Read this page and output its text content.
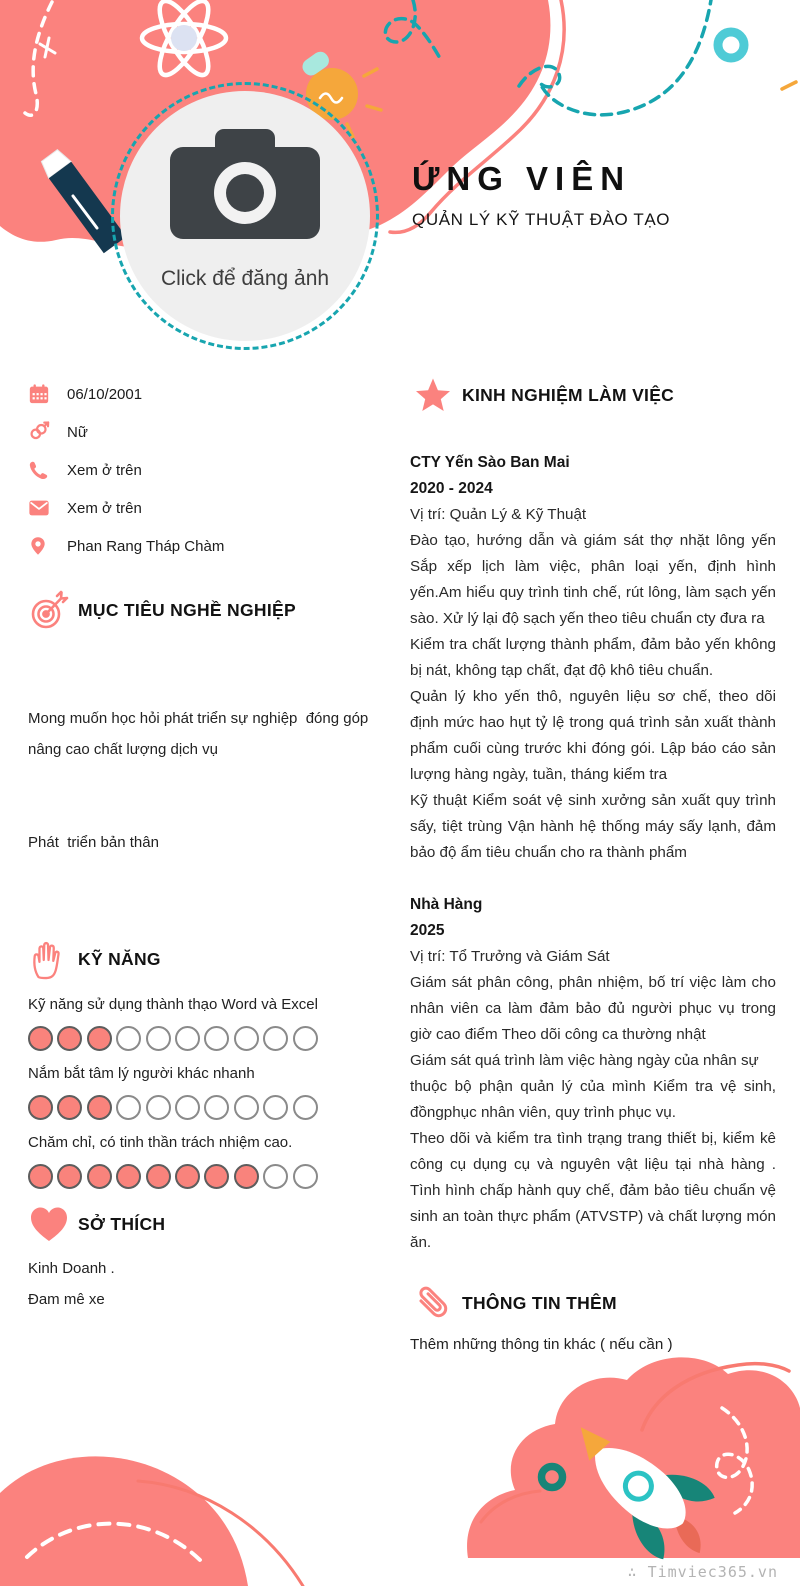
Click để đăng ảnh
ỨNG VIÊN
QUẢN LÝ KỸ THUẬT ĐÀO TẠO
06/10/2001
Nữ
Xem ở trên
Xem ở trên
Phan Rang Tháp Chàm
MỤC TIÊU NGHỀ NGHIỆP

Mong muốn học hỏi phát triển sự nghiệp  đóng góp nâng cao chất lượng dịch vụ

Phát  triển bản thân

KỸ NĂNG
Kỹ năng sử dụng thành thạo Word và Excel
Nắm bắt tâm lý người khác nhanh
Chăm chỉ, có tinh thần trách nhiệm cao.
SỞ THÍCH
Kinh Doanh .
Đam mê xe
KINH NGHIỆM LÀM VIỆC
CTY Yến Sào Ban Mai
2020 - 2024
Vị trí: Quản Lý & Kỹ Thuật

Đào tạo, hướng dẫn và giám sát thợ nhặt lông yến Sắp xếp lịch làm việc, phân loại yến, định hình yến.Am hiểu quy trình tinh chế, rút lông, làm sạch yến sào. Xử lý lại độ sạch yến theo tiêu chuẩn cty đưa ra

Kiểm tra chất lượng thành phẩm, đảm bảo yến không bị nát, không tạp chất, đạt độ khô tiêu chuẩn.

Quản lý kho yến thô, nguyên liệu sơ chế, theo dõi định mức hao hụt tỷ lệ trong quá trình sản xuất thành phẩm cuối cùng trước khi đóng gói. Lập báo cáo sản lượng hàng ngày, tuần, tháng kiểm tra

Kỹ thuật Kiểm soát vệ sinh xưởng sản xuất quy trình sấy, tiệt trùng Vận hành hệ thống máy sấy lạnh, đảm bảo độ ẩm tiêu chuẩn cho ra thành phẩm

Nhà Hàng
2025
Vị trí: Tổ Trưởng và Giám Sát

Giám sát phân công, phân nhiệm, bố trí việc làm cho nhân viên ca làm đảm bảo đủ người phục vụ trong giờ cao điểm Theo dõi công ca thường nhật

Giám sát quá trình làm việc hàng ngày của nhân sự

thuộc bộ phận quản lý của mình Kiểm tra vệ sinh, đồngphục nhân viên, quy trình phục vụ.

Theo dõi và kiểm tra tình trạng trang thiết bị, kiểm kê công cụ dụng cụ và nguyên vật liệu tại nhà hàng . Tình hình chấp hành quy chế, đảm bảo tiêu chuẩn vệ sinh an toàn thực phẩm (ATVSTP) và chất lượng món ăn.

THÔNG TIN THÊM
Thêm những thông tin khác ( nếu cần )
∴ Timviec365.vn
